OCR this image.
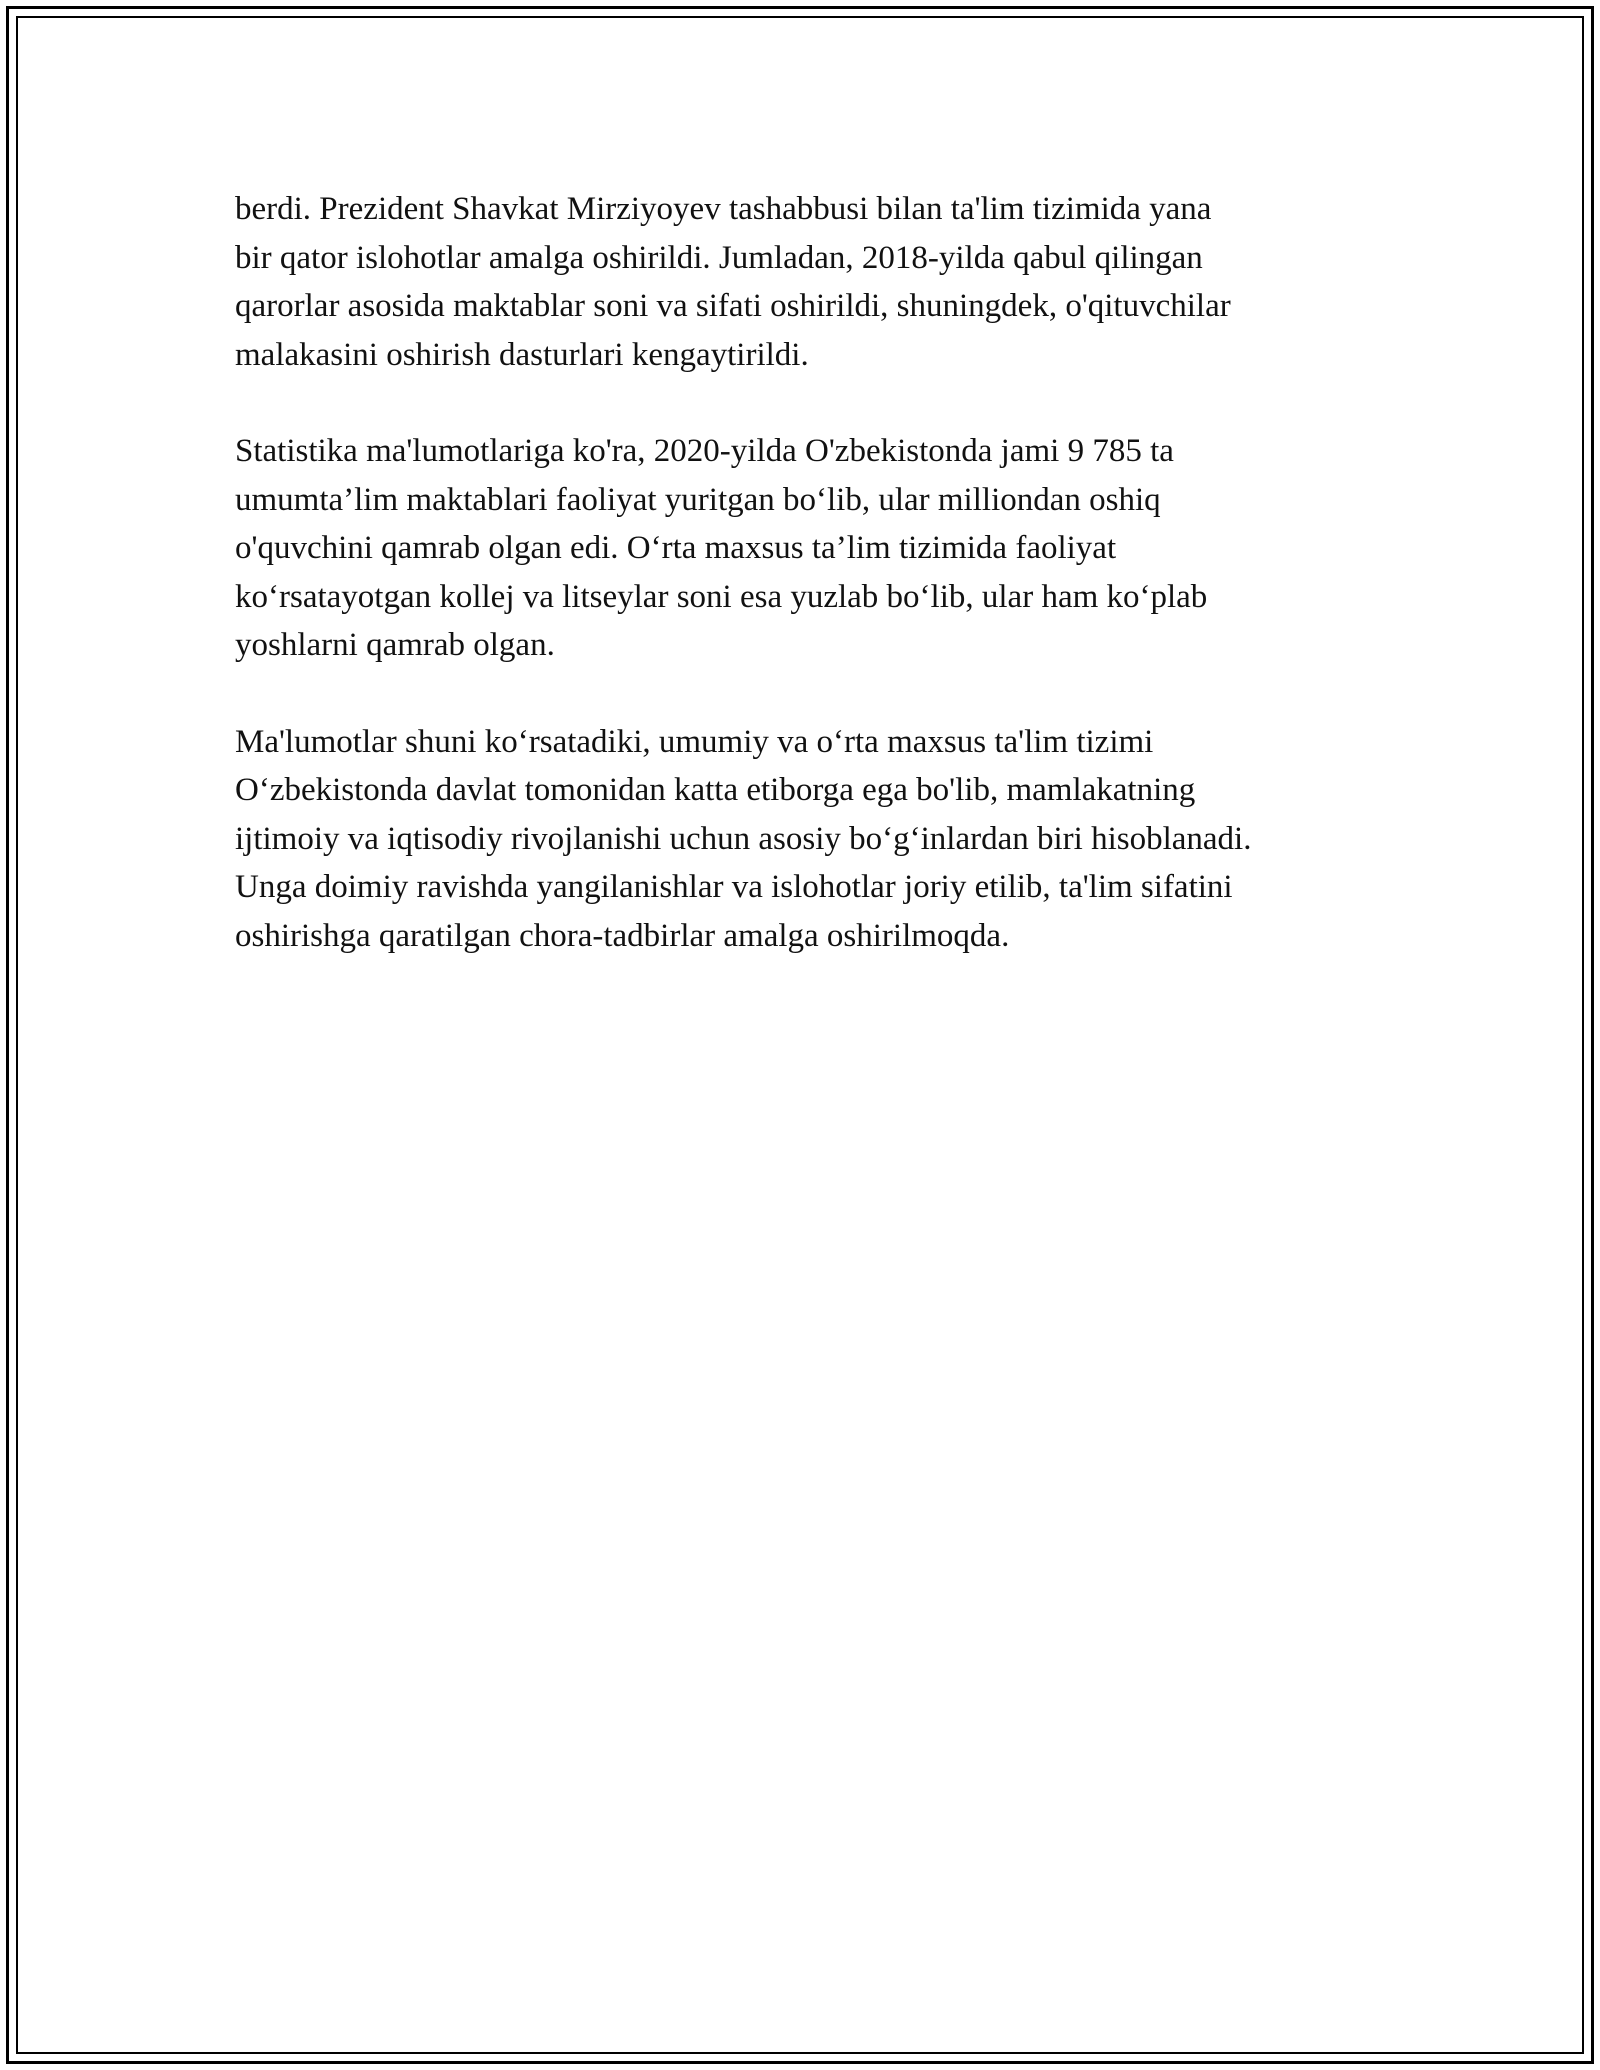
berdi. Prezident Shavkat Mirziyoyev tashabbusi bilan ta'lim tizimida yana
bir qator islohotlar amalga oshirildi. Jumladan, 2018-yilda qabul qilingan
qarorlar asosida maktablar soni va sifati oshirildi, shuningdek, o'qituvchilar
malakasini oshirish dasturlari kengaytirildi.

Statistika ma'lumotlariga ko'ra, 2020-yilda O'zbekistonda jami 9 785 ta
umumta’lim maktablari faoliyat yuritgan bo‘lib, ular milliondan oshiq
o'quvchini qamrab olgan edi. O‘rta maxsus ta’lim tizimida faoliyat
ko‘rsatayotgan kollej va litseylar soni esa yuzlab bo‘lib, ular ham ko‘plab
yoshlarni qamrab olgan.

Ma'lumotlar shuni ko‘rsatadiki, umumiy va o‘rta maxsus ta'lim tizimi
O‘zbekistonda davlat tomonidan katta etiborga ega bo'lib, mamlakatning
ijtimoiy va iqtisodiy rivojlanishi uchun asosiy bo‘g‘inlardan biri hisoblanadi.
Unga doimiy ravishda yangilanishlar va islohotlar joriy etilib, ta'lim sifatini
oshirishga qaratilgan chora-tadbirlar amalga oshirilmoqda.
